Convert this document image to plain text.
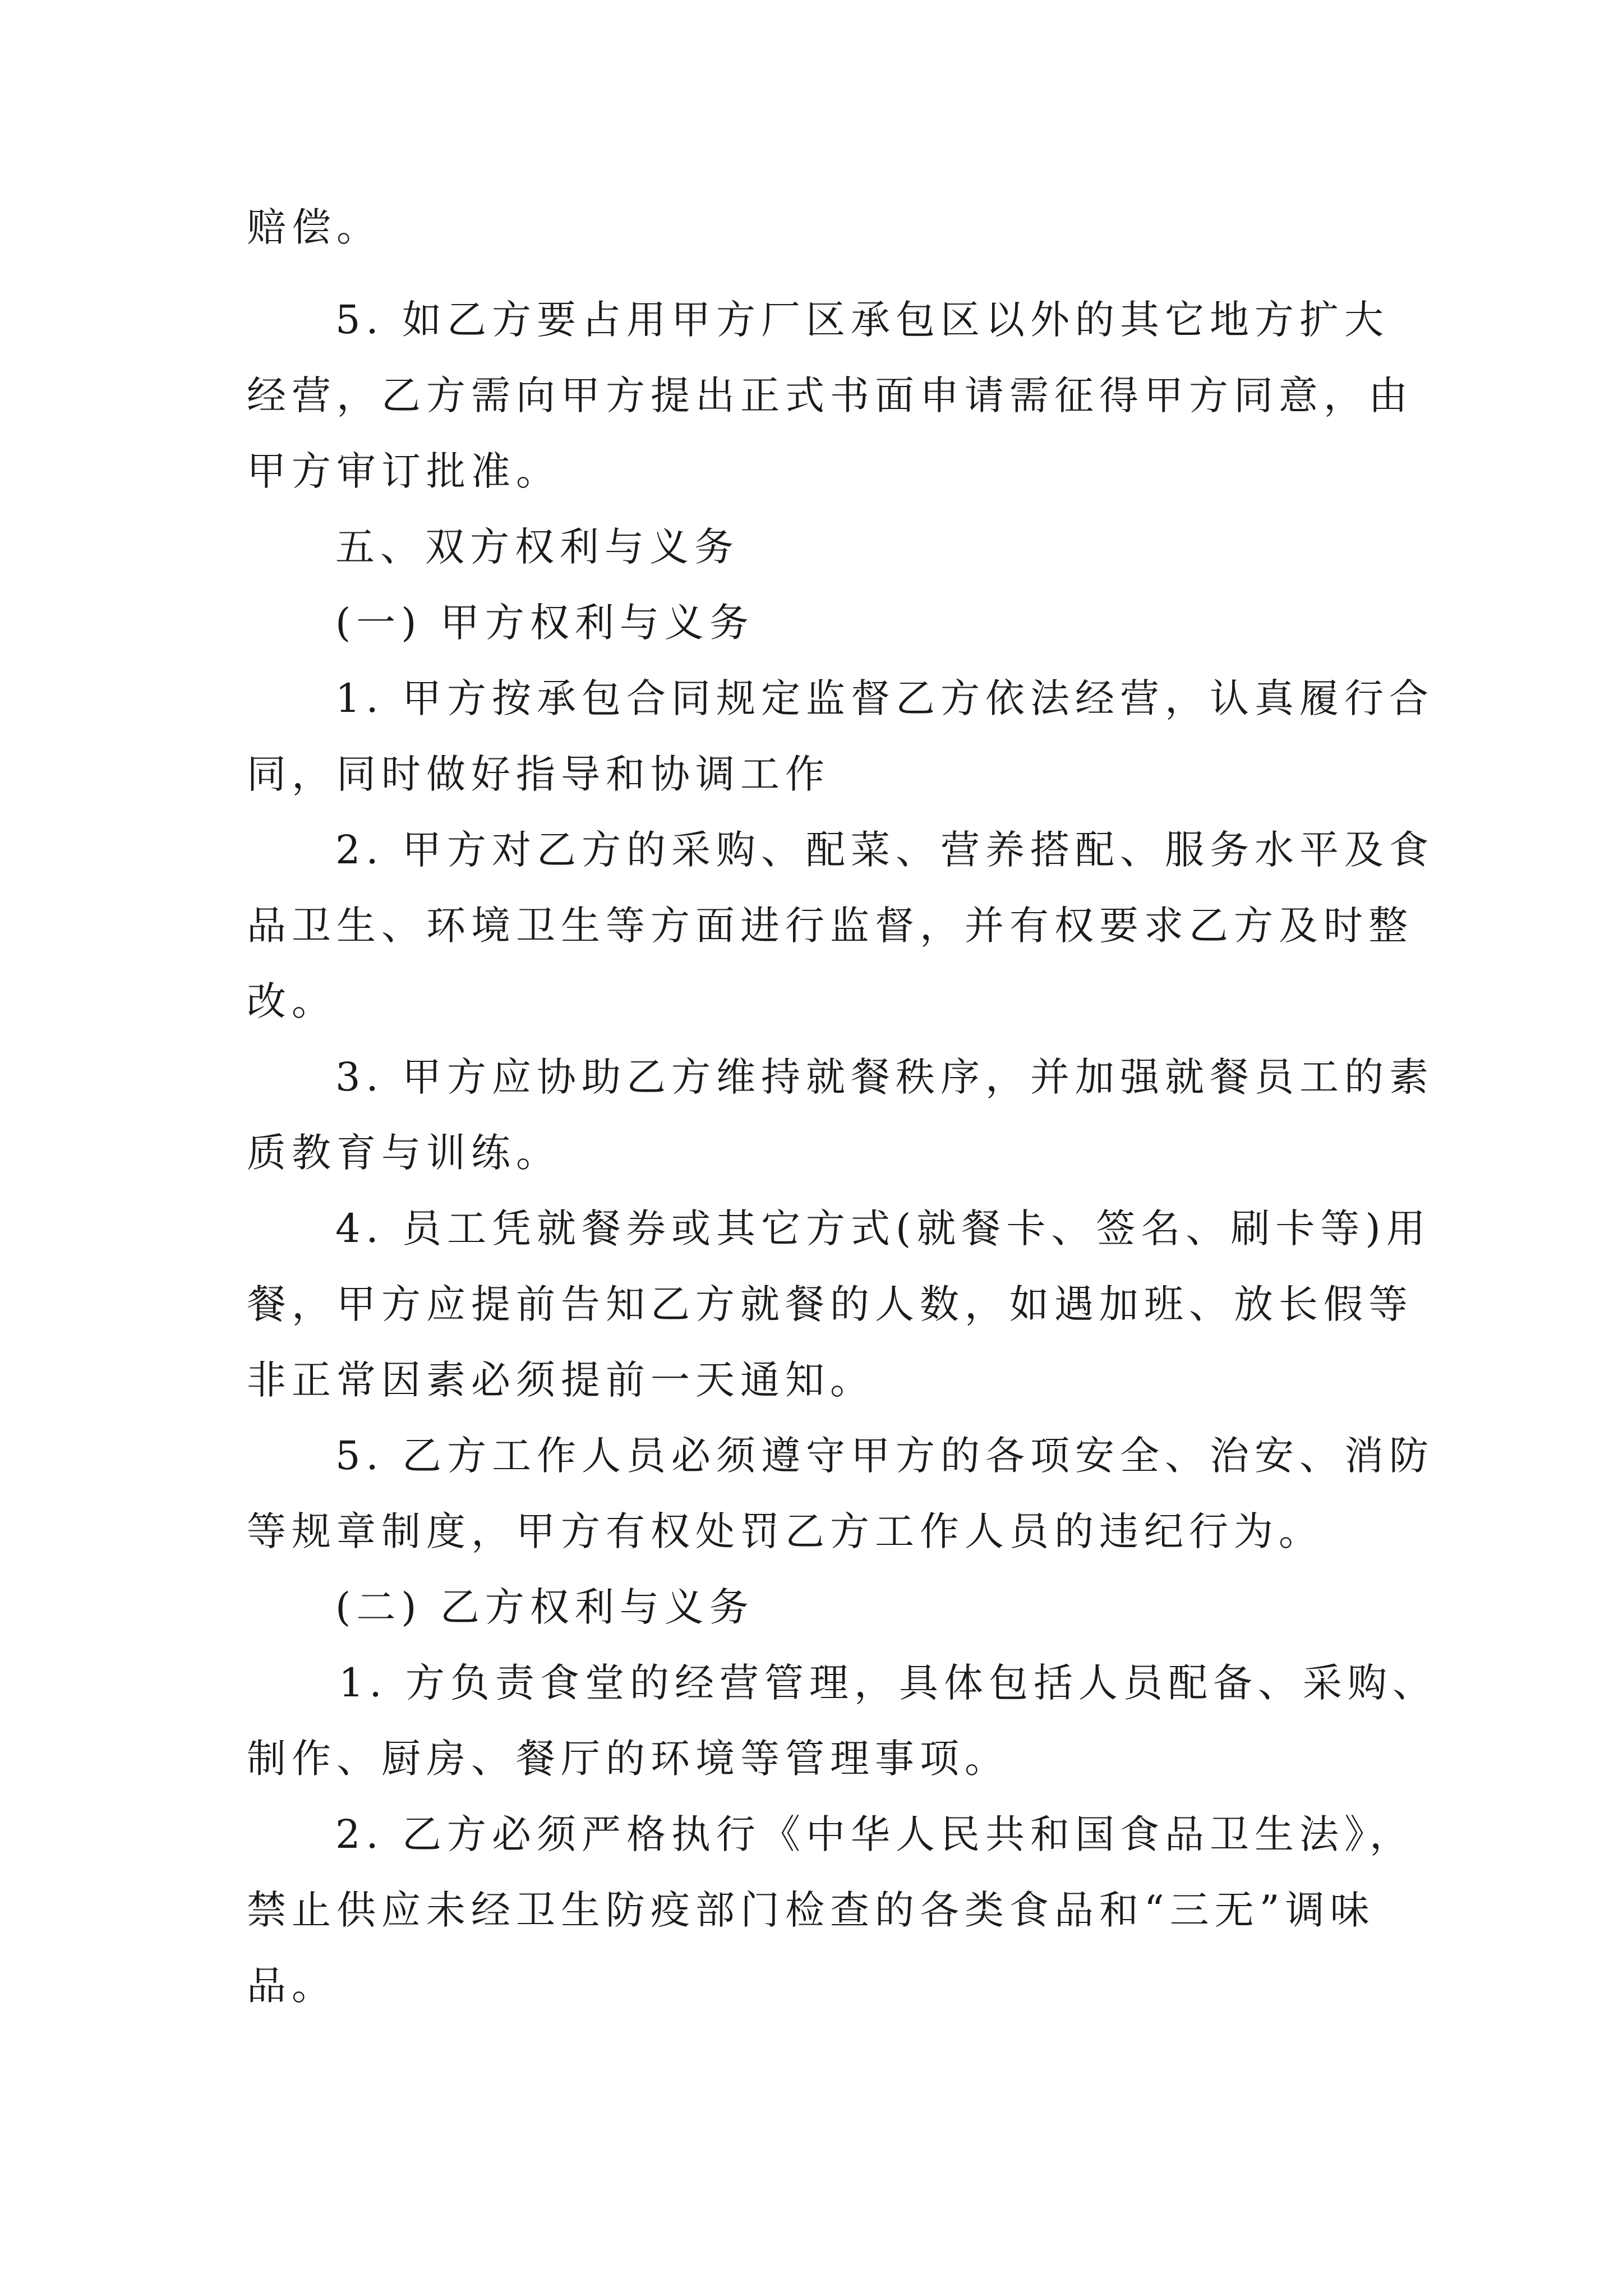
赔偿。

5. 如乙方要占用甲方厂区承包区以外的其它地方扩大

经营，乙方需向甲方提出正式书面申请需征得甲方同意，由

甲方审订批准。

五、双方权利与义务

(一) 甲方权利与义务

1. 甲方按承包合同规定监督乙方依法经营，认真履行合

同，同时做好指导和协调工作

2. 甲方对乙方的采购、配菜、营养搭配、服务水平及食

品卫生、环境卫生等方面进行监督，并有权要求乙方及时整

改。

3. 甲方应协助乙方维持就餐秩序，并加强就餐员工的素

质教育与训练。

4. 员工凭就餐券或其它方式(就餐卡、签名、刷卡等)用

餐，甲方应提前告知乙方就餐的人数，如遇加班、放长假等

非正常因素必须提前一天通知。

5. 乙方工作人员必须遵守甲方的各项安全、治安、消防

等规章制度，甲方有权处罚乙方工作人员的违纪行为。

(二) 乙方权利与义务

1. 方负责食堂的经营管理，具体包括人员配备、采购、

制作、厨房、餐厅的环境等管理事项。

2. 乙方必须严格执行《中华人民共和国食品卫生法》，

禁止供应未经卫生防疫部门检查的各类食品和“三无”调味

品。
